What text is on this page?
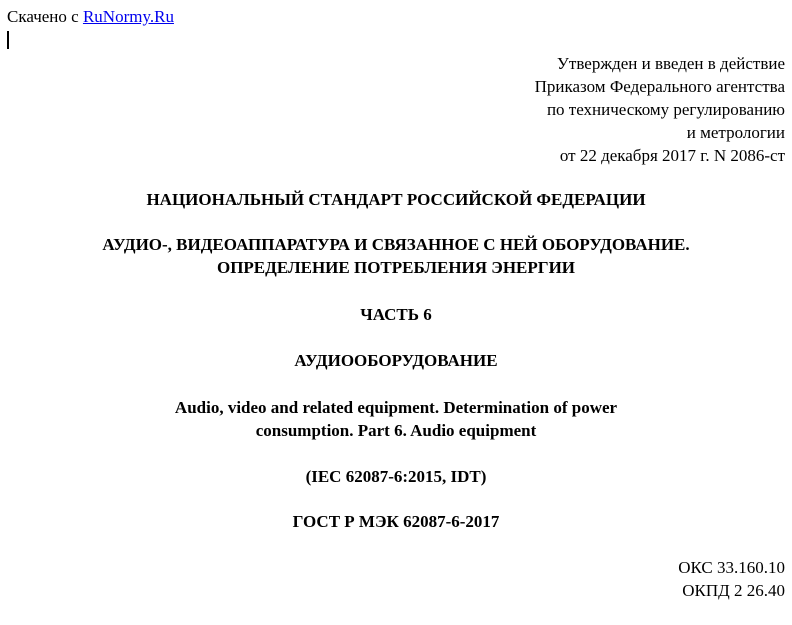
Скачено с RuNormy.Ru
Утвержден и введен в действие
Приказом Федерального агентства
по техническому регулированию
и метрологии
от 22 декабря 2017 г. N 2086-ст
НАЦИОНАЛЬНЫЙ СТАНДАРТ РОССИЙСКОЙ ФЕДЕРАЦИИ
АУДИО-, ВИДЕОАППАРАТУРА И СВЯЗАННОЕ С НЕЙ ОБОРУДОВАНИЕ.
ОПРЕДЕЛЕНИЕ ПОТРЕБЛЕНИЯ ЭНЕРГИИ
ЧАСТЬ 6
АУДИООБОРУДОВАНИЕ
Audio, video and related equipment. Determination of power
consumption. Part 6. Audio equipment
(IEC 62087-6:2015, IDT)
ГОСТ Р МЭК 62087-6-2017
ОКС 33.160.10
ОКПД 2 26.40
